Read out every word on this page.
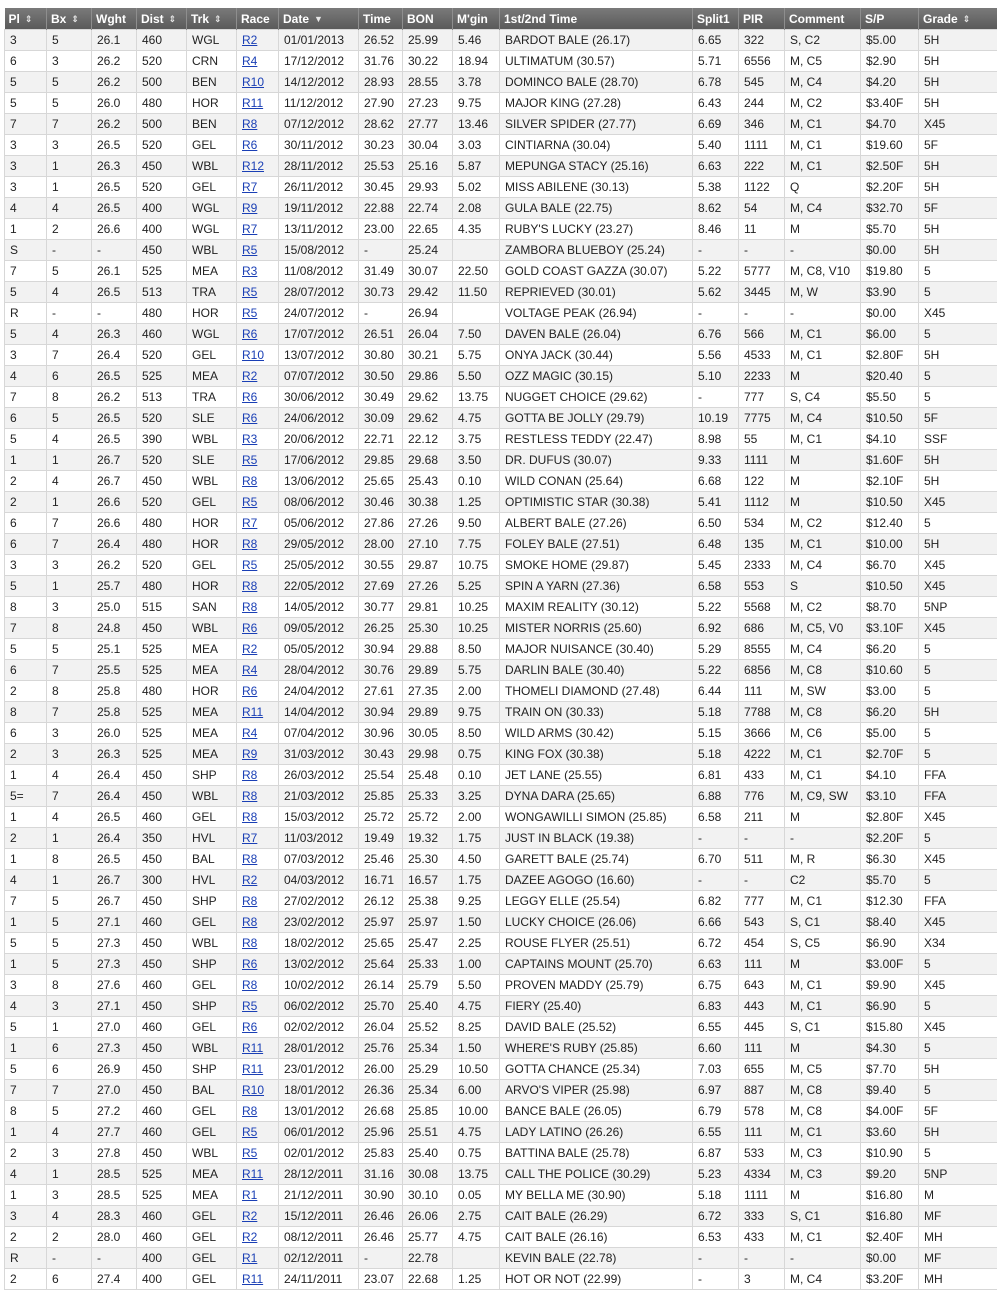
Pl ⇕	Bx ⇕	Wght	Dist ⇕	Trk ⇕	Race	Date ▼	Time	BON	M'gin	1st/2nd Time	Split1	PIR	Comment	S/P	Grade ⇕
3	5	26.1	460	WGL	R2	01/01/2013	26.52	25.99	5.46	BARDOT BALE (26.17)	6.65	322	S, C2	$5.00	5H
6	3	26.2	520	CRN	R4	17/12/2012	31.76	30.22	18.94	ULTIMATUM (30.57)	5.71	6556	M, C5	$2.90	5H
5	5	26.2	500	BEN	R10	14/12/2012	28.93	28.55	3.78	DOMINCO BALE (28.70)	6.78	545	M, C4	$4.20	5H
5	5	26.0	480	HOR	R11	11/12/2012	27.90	27.23	9.75	MAJOR KING (27.28)	6.43	244	M, C2	$3.40F	5H
7	7	26.2	500	BEN	R8	07/12/2012	28.62	27.77	13.46	SILVER SPIDER (27.77)	6.69	346	M, C1	$4.70	X45
3	3	26.5	520	GEL	R6	30/11/2012	30.23	30.04	3.03	CINTIARNA (30.04)	5.40	1111	M, C1	$19.60	5F
3	1	26.3	450	WBL	R12	28/11/2012	25.53	25.16	5.87	MEPUNGA STACY (25.16)	6.63	222	M, C1	$2.50F	5H
3	1	26.5	520	GEL	R7	26/11/2012	30.45	29.93	5.02	MISS ABILENE (30.13)	5.38	1122	Q	$2.20F	5H
4	4	26.5	400	WGL	R9	19/11/2012	22.88	22.74	2.08	GULA BALE (22.75)	8.62	54	M, C4	$32.70	5F
1	2	26.6	400	WGL	R7	13/11/2012	23.00	22.65	4.35	RUBY'S LUCKY (23.27)	8.46	11	M	$5.70	5H
S	-	-	450	WBL	R5	15/08/2012	-	25.24		ZAMBORA BLUEBOY (25.24)	-	-	-	$0.00	5H
7	5	26.1	525	MEA	R3	11/08/2012	31.49	30.07	22.50	GOLD COAST GAZZA (30.07)	5.22	5777	M, C8, V10	$19.80	5
5	4	26.5	513	TRA	R5	28/07/2012	30.73	29.42	11.50	REPRIEVED (30.01)	5.62	3445	M, W	$3.90	5
R	-	-	480	HOR	R5	24/07/2012	-	26.94		VOLTAGE PEAK (26.94)	-	-	-	$0.00	X45
5	4	26.3	460	WGL	R6	17/07/2012	26.51	26.04	7.50	DAVEN BALE (26.04)	6.76	566	M, C1	$6.00	5
3	7	26.4	520	GEL	R10	13/07/2012	30.80	30.21	5.75	ONYA JACK (30.44)	5.56	4533	M, C1	$2.80F	5H
4	6	26.5	525	MEA	R2	07/07/2012	30.50	29.86	5.50	OZZ MAGIC (30.15)	5.10	2233	M	$20.40	5
7	8	26.2	513	TRA	R6	30/06/2012	30.49	29.62	13.75	NUGGET CHOICE (29.62)	-	777	S, C4	$5.50	5
6	5	26.5	520	SLE	R6	24/06/2012	30.09	29.62	4.75	GOTTA BE JOLLY (29.79)	10.19	7775	M, C4	$10.50	5F
5	4	26.5	390	WBL	R3	20/06/2012	22.71	22.12	3.75	RESTLESS TEDDY (22.47)	8.98	55	M, C1	$4.10	SSF
1	1	26.7	520	SLE	R5	17/06/2012	29.85	29.68	3.50	DR. DUFUS (30.07)	9.33	1111	M	$1.60F	5H
2	4	26.7	450	WBL	R8	13/06/2012	25.65	25.43	0.10	WILD CONAN (25.64)	6.68	122	M	$2.10F	5H
2	1	26.6	520	GEL	R5	08/06/2012	30.46	30.38	1.25	OPTIMISTIC STAR (30.38)	5.41	1112	M	$10.50	X45
6	7	26.6	480	HOR	R7	05/06/2012	27.86	27.26	9.50	ALBERT BALE (27.26)	6.50	534	M, C2	$12.40	5
6	7	26.4	480	HOR	R8	29/05/2012	28.00	27.10	7.75	FOLEY BALE (27.51)	6.48	135	M, C1	$10.00	5H
3	3	26.2	520	GEL	R5	25/05/2012	30.55	29.87	10.75	SMOKE HOME (29.87)	5.45	2333	M, C4	$6.70	X45
5	1	25.7	480	HOR	R8	22/05/2012	27.69	27.26	5.25	SPIN A YARN (27.36)	6.58	553	S	$10.50	X45
8	3	25.0	515	SAN	R8	14/05/2012	30.77	29.81	10.25	MAXIM REALITY (30.12)	5.22	5568	M, C2	$8.70	5NP
7	8	24.8	450	WBL	R6	09/05/2012	26.25	25.30	10.25	MISTER NORRIS (25.60)	6.92	686	M, C5, V0	$3.10F	X45
5	5	25.1	525	MEA	R2	05/05/2012	30.94	29.88	8.50	MAJOR NUISANCE (30.40)	5.29	8555	M, C4	$6.20	5
6	7	25.5	525	MEA	R4	28/04/2012	30.76	29.89	5.75	DARLIN BALE (30.40)	5.22	6856	M, C8	$10.60	5
2	8	25.8	480	HOR	R6	24/04/2012	27.61	27.35	2.00	THOMELI DIAMOND (27.48)	6.44	111	M, SW	$3.00	5
8	7	25.8	525	MEA	R11	14/04/2012	30.94	29.89	9.75	TRAIN ON (30.33)	5.18	7788	M, C8	$6.20	5H
6	3	26.0	525	MEA	R4	07/04/2012	30.96	30.05	8.50	WILD ARMS (30.42)	5.15	3666	M, C6	$5.00	5
2	3	26.3	525	MEA	R9	31/03/2012	30.43	29.98	0.75	KING FOX (30.38)	5.18	4222	M, C1	$2.70F	5
1	4	26.4	450	SHP	R8	26/03/2012	25.54	25.48	0.10	JET LANE (25.55)	6.81	433	M, C1	$4.10	FFA
5=	7	26.4	450	WBL	R8	21/03/2012	25.85	25.33	3.25	DYNA DARA (25.65)	6.88	776	M, C9, SW	$3.10	FFA
1	4	26.5	460	GEL	R8	15/03/2012	25.72	25.72	2.00	WONGAWILLI SIMON (25.85)	6.58	211	M	$2.80F	X45
2	1	26.4	350	HVL	R7	11/03/2012	19.49	19.32	1.75	JUST IN BLACK (19.38)	-	-	-	$2.20F	5
1	8	26.5	450	BAL	R8	07/03/2012	25.46	25.30	4.50	GARETT BALE (25.74)	6.70	511	M, R	$6.30	X45
4	1	26.7	300	HVL	R2	04/03/2012	16.71	16.57	1.75	DAZEE AGOGO (16.60)	-	-	C2	$5.70	5
7	5	26.7	450	SHP	R8	27/02/2012	26.12	25.38	9.25	LEGGY ELLE (25.54)	6.82	777	M, C1	$12.30	FFA
1	5	27.1	460	GEL	R8	23/02/2012	25.97	25.97	1.50	LUCKY CHOICE (26.06)	6.66	543	S, C1	$8.40	X45
5	5	27.3	450	WBL	R8	18/02/2012	25.65	25.47	2.25	ROUSE FLYER (25.51)	6.72	454	S, C5	$6.90	X34
1	5	27.3	450	SHP	R6	13/02/2012	25.64	25.33	1.00	CAPTAINS MOUNT (25.70)	6.63	111	M	$3.00F	5
3	8	27.6	460	GEL	R8	10/02/2012	26.14	25.79	5.50	PROVEN MADDY (25.79)	6.75	643	M, C1	$9.90	X45
4	3	27.1	450	SHP	R5	06/02/2012	25.70	25.40	4.75	FIERY (25.40)	6.83	443	M, C1	$6.90	5
5	1	27.0	460	GEL	R6	02/02/2012	26.04	25.52	8.25	DAVID BALE (25.52)	6.55	445	S, C1	$15.80	X45
1	6	27.3	450	WBL	R11	28/01/2012	25.76	25.34	1.50	WHERE'S RUBY (25.85)	6.60	111	M	$4.30	5
5	6	26.9	450	SHP	R11	23/01/2012	26.00	25.29	10.50	GOTTA CHANCE (25.34)	7.03	655	M, C5	$7.70	5H
7	7	27.0	450	BAL	R10	18/01/2012	26.36	25.34	6.00	ARVO'S VIPER (25.98)	6.97	887	M, C8	$9.40	5
8	5	27.2	460	GEL	R8	13/01/2012	26.68	25.85	10.00	BANCE BALE (26.05)	6.79	578	M, C8	$4.00F	5F
1	4	27.7	460	GEL	R5	06/01/2012	25.96	25.51	4.75	LADY LATINO (26.26)	6.55	111	M, C1	$3.60	5H
2	3	27.8	450	WBL	R5	02/01/2012	25.83	25.40	0.75	BATTINA BALE (25.78)	6.87	533	M, C3	$10.90	5
4	1	28.5	525	MEA	R11	28/12/2011	31.16	30.08	13.75	CALL THE POLICE (30.29)	5.23	4334	M, C3	$9.20	5NP
1	3	28.5	525	MEA	R1	21/12/2011	30.90	30.10	0.05	MY BELLA ME (30.90)	5.18	1111	M	$16.80	M
3	4	28.3	460	GEL	R2	15/12/2011	26.46	26.06	2.75	CAIT BALE (26.29)	6.72	333	S, C1	$16.80	MF
2	2	28.0	460	GEL	R2	08/12/2011	26.46	25.77	4.75	CAIT BALE (26.16)	6.53	433	M, C1	$2.40F	MH
R	-	-	400	GEL	R1	02/12/2011	-	22.78		KEVIN BALE (22.78)	-	-	-	$0.00	MF
2	6	27.4	400	GEL	R11	24/11/2011	23.07	22.68	1.25	HOT OR NOT (22.99)	-	3	M, C4	$3.20F	MH
